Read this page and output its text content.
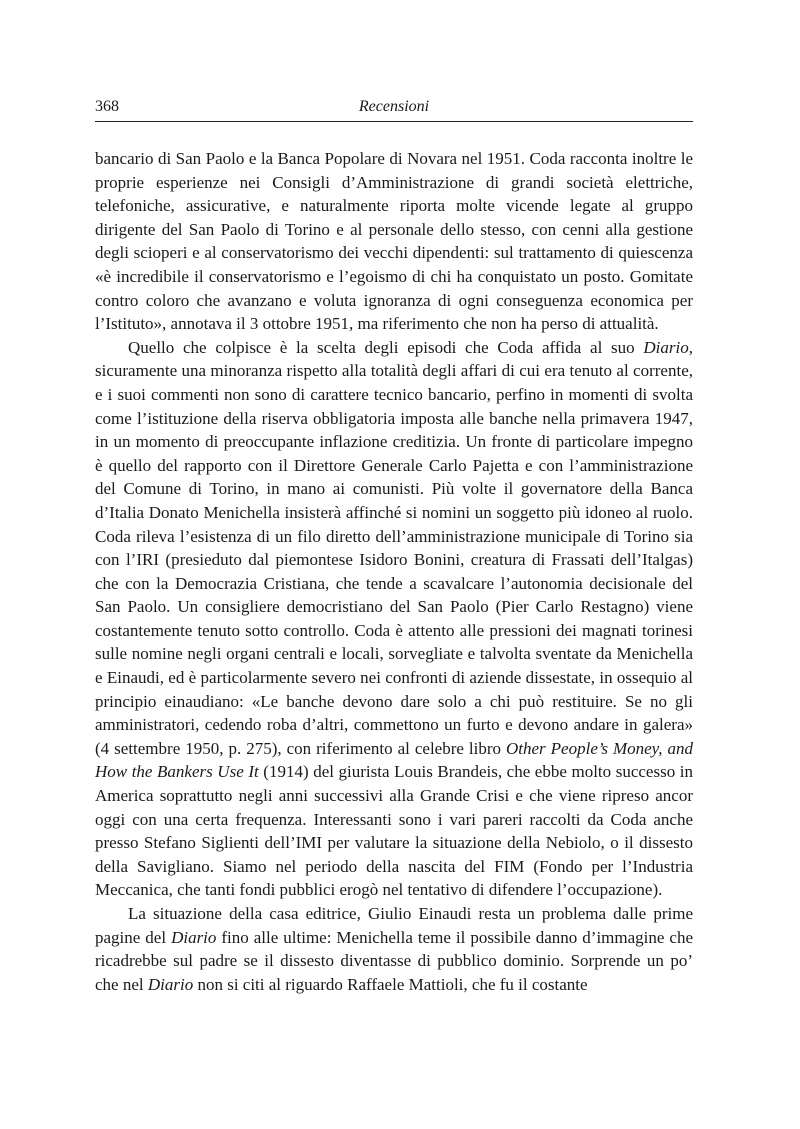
368	Recensioni

bancario di San Paolo e la Banca Popolare di Novara nel 1951. Coda racconta inoltre le proprie esperienze nei Consigli d’Amministrazione di grandi società elettriche, telefoniche, assicurative, e naturalmente riporta molte vicende legate al gruppo dirigente del San Paolo di Torino e al personale dello stesso, con cenni alla gestione degli scioperi e al conservatorismo dei vecchi dipendenti: sul trattamento di quiescenza «è incredibile il conservatorismo e l’egoismo di chi ha conquistato un posto. Gomitate contro coloro che avanzano e voluta ignoranza di ogni conseguenza economica per l’Istituto», annotava il 3 ottobre 1951, ma riferimento che non ha perso di attualità.

Quello che colpisce è la scelta degli episodi che Coda affida al suo Diario, sicuramente una minoranza rispetto alla totalità degli affari di cui era tenuto al corrente, e i suoi commenti non sono di carattere tecnico bancario, perfino in momenti di svolta come l’istituzione della riserva obbligatoria imposta alle banche nella primavera 1947, in un momento di preoccupante inflazione creditizia. Un fronte di particolare impegno è quello del rapporto con il Direttore Generale Carlo Pajetta e con l’amministrazione del Comune di Torino, in mano ai comunisti. Più volte il governatore della Banca d’Italia Donato Menichella insisterà affinché si nomini un soggetto più idoneo al ruolo. Coda rileva l’esistenza di un filo diretto dell’amministrazione municipale di Torino sia con l’IRI (presieduto dal piemontese Isidoro Bonini, creatura di Frassati dell’Italgas) che con la Democrazia Cristiana, che tende a scavalcare l’autonomia decisionale del San Paolo. Un consigliere democristiano del San Paolo (Pier Carlo Restagno) viene costantemente tenuto sotto controllo. Coda è attento alle pressioni dei magnati torinesi sulle nomine negli organi centrali e locali, sorvegliate e talvolta sventate da Menichella e Einaudi, ed è particolarmente severo nei confronti di aziende dissestate, in ossequio al principio einaudiano: «Le banche devono dare solo a chi può restituire. Se no gli amministratori, cedendo roba d’altri, commettono un furto e devono andare in galera» (4 settembre 1950, p. 275), con riferimento al celebre libro Other People’s Money, and How the Bankers Use It (1914) del giurista Louis Brandeis, che ebbe molto successo in America soprattutto negli anni successivi alla Grande Crisi e che viene ripreso ancor oggi con una certa frequenza. Interessanti sono i vari pareri raccolti da Coda anche presso Stefano Siglienti dell’IMI per valutare la situazione della Nebiolo, o il dissesto della Savigliano. Siamo nel periodo della nascita del FIM (Fondo per l’Industria Meccanica, che tanti fondi pubblici erogò nel tentativo di difendere l’occupazione).

La situazione della casa editrice, Giulio Einaudi resta un problema dalle prime pagine del Diario fino alle ultime: Menichella teme il possibile danno d’immagine che ricadrebbe sul padre se il dissesto diventasse di pubblico dominio. Sorprende un po’ che nel Diario non si citi al riguardo Raffaele Mattioli, che fu il costante
